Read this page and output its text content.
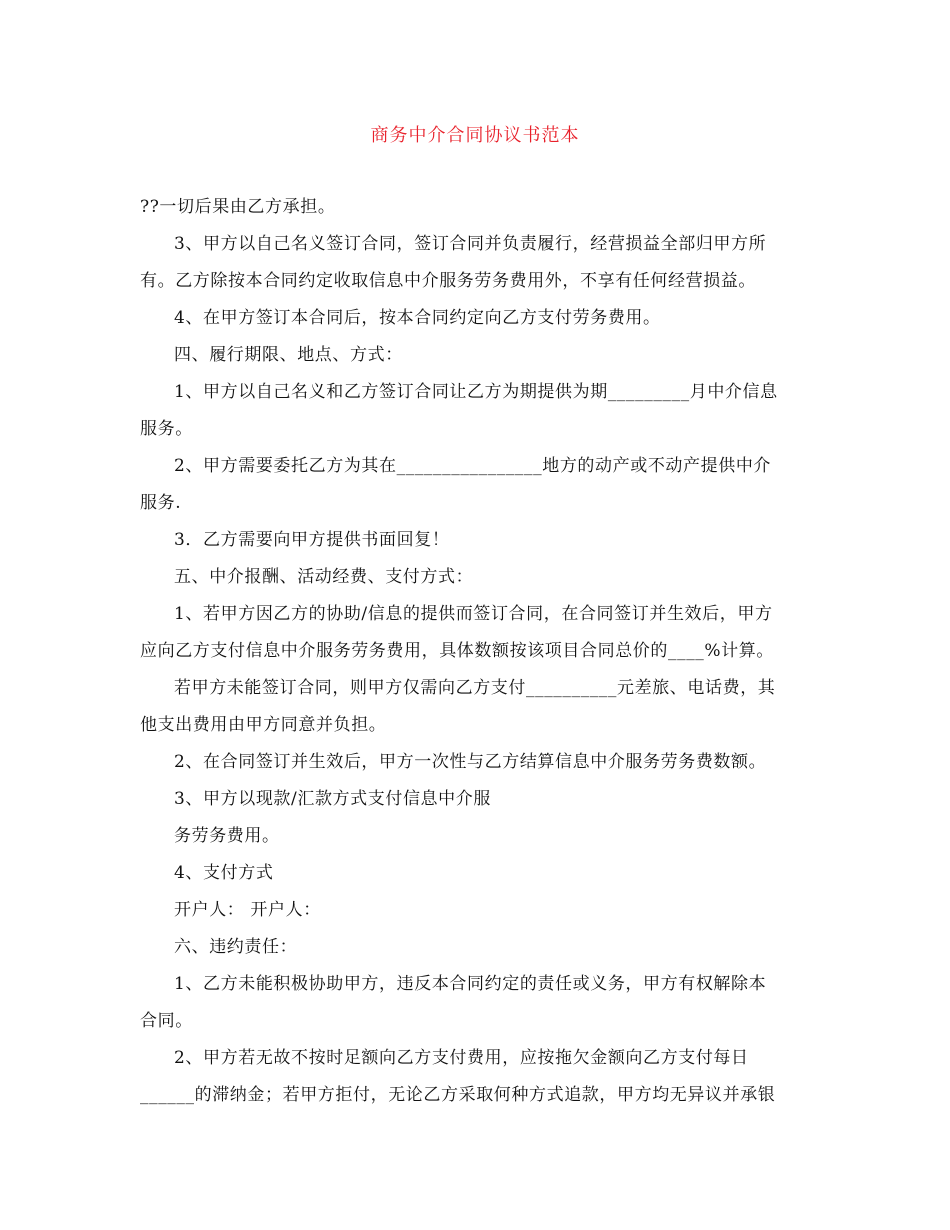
商务中介合同协议书范本
??一切后果由乙方承担。
3、甲方以自己名义签订合同，签订合同并负责履行，经营损益全部归甲方所
有。乙方除按本合同约定收取信息中介服务劳务费用外，不享有任何经营损益。
4、在甲方签订本合同后，按本合同约定向乙方支付劳务费用。
四、履行期限、地点、方式：
1、甲方以自己名义和乙方签订合同让乙方为期提供为期_________月中介信息
服务。
2、甲方需要委托乙方为其在________________地方的动产或不动产提供中介
服务.
3．乙方需要向甲方提供书面回复！
五、中介报酬、活动经费、支付方式：
1、若甲方因乙方的协助/信息的提供而签订合同，在合同签订并生效后，甲方
应向乙方支付信息中介服务劳务费用，具体数额按该项目合同总价的____%计算。
若甲方未能签订合同，则甲方仅需向乙方支付__________元差旅、电话费，其
他支出费用由甲方同意并负担。
2、在合同签订并生效后，甲方一次性与乙方结算信息中介服务劳务费数额。
3、甲方以现款/汇款方式支付信息中介服
务劳务费用。
4、支付方式
开户人： 开户人：
六、违约责任：
1、乙方未能积极协助甲方，违反本合同约定的责任或义务，甲方有权解除本
合同。
2、甲方若无故不按时足额向乙方支付费用，应按拖欠金额向乙方支付每日
______的滞纳金；若甲方拒付，无论乙方采取何种方式追款，甲方均无异议并承银
